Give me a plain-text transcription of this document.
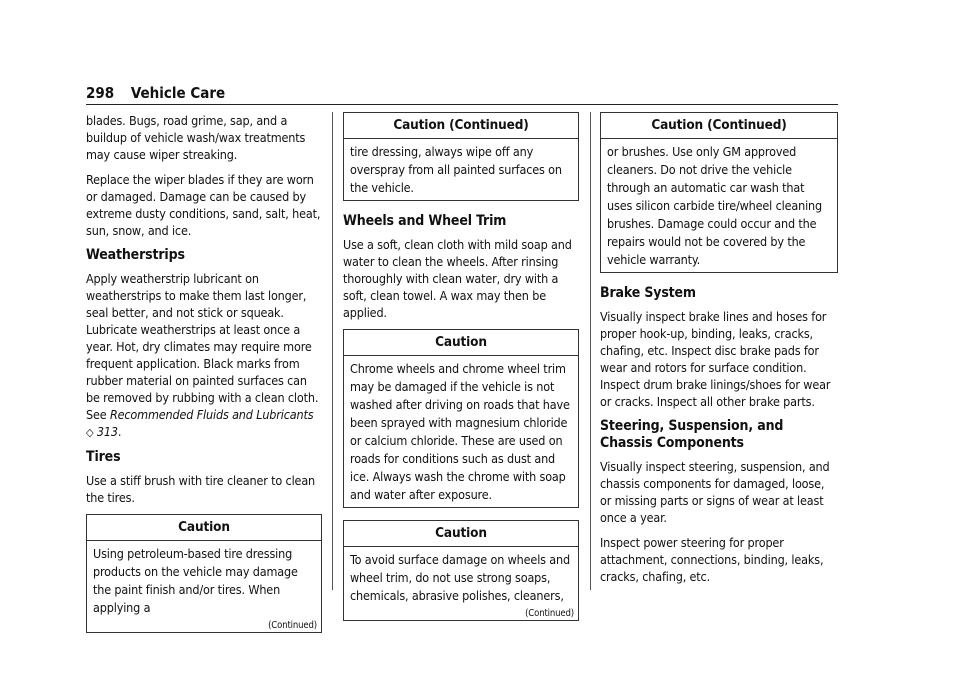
298 Vehicle Care

blades. Bugs, road grime, sap, and a buildup of vehicle wash/wax treatments may cause wiper streaking.

Replace the wiper blades if they are worn or damaged. Damage can be caused by extreme dusty conditions, sand, salt, heat, sun, snow, and ice.

Weatherstrips

Apply weatherstrip lubricant on weatherstrips to make them last longer, seal better, and not stick or squeak. Lubricate weatherstrips at least once a year. Hot, dry climates may require more frequent application. Black marks from rubber material on painted surfaces can be removed by rubbing with a clean cloth. See Recommended Fluids and Lubricants ◇ 313.

Tires

Use a stiff brush with tire cleaner to clean the tires.

Caution
Using petroleum-based tire dressing products on the vehicle may damage the paint finish and/or tires. When applying a
(Continued)
Caution (Continued)
tire dressing, always wipe off any overspray from all painted surfaces on the vehicle.
Wheels and Wheel Trim

Use a soft, clean cloth with mild soap and water to clean the wheels. After rinsing thoroughly with clean water, dry with a soft, clean towel. A wax may then be applied.

Caution
Chrome wheels and chrome wheel trim may be damaged if the vehicle is not washed after driving on roads that have been sprayed with magnesium chloride or calcium chloride. These are used on roads for conditions such as dust and ice. Always wash the chrome with soap and water after exposure.
Caution
To avoid surface damage on wheels and wheel trim, do not use strong soaps, chemicals, abrasive polishes, cleaners,
(Continued)
Caution (Continued)
or brushes. Use only GM approved cleaners. Do not drive the vehicle through an automatic car wash that uses silicon carbide tire/wheel cleaning brushes. Damage could occur and the repairs would not be covered by the vehicle warranty.
Brake System

Visually inspect brake lines and hoses for proper hook-up, binding, leaks, cracks, chafing, etc. Inspect disc brake pads for wear and rotors for surface condition. Inspect drum brake linings/shoes for wear or cracks. Inspect all other brake parts.

Steering, Suspension, and Chassis Components

Visually inspect steering, suspension, and chassis components for damaged, loose, or missing parts or signs of wear at least once a year.

Inspect power steering for proper attachment, connections, binding, leaks, cracks, chafing, etc.
